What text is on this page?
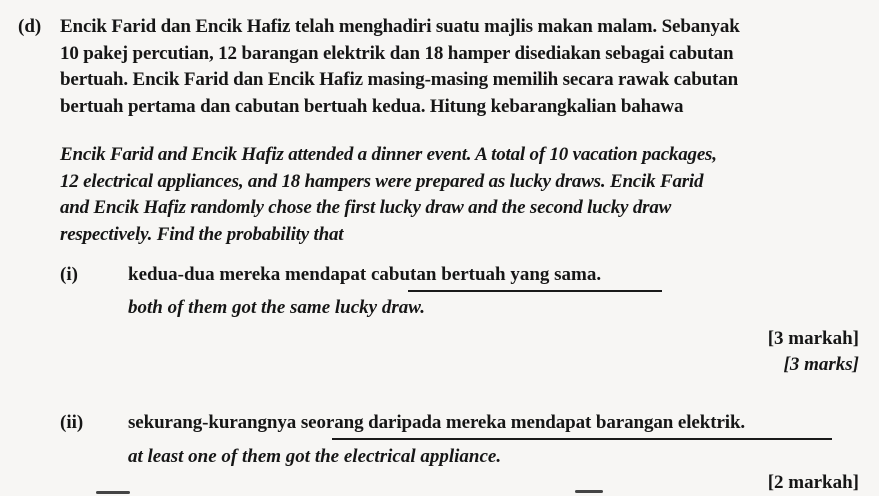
(d) Encik Farid dan Encik Hafiz telah menghadiri suatu majlis makan malam. Sebanyak
10 pakej percutian, 12 barangan elektrik dan 18 hamper disediakan sebagai cabutan
bertuah. Encik Farid dan Encik Hafiz masing-masing memilih secara rawak cabutan
bertuah pertama dan cabutan bertuah kedua. Hitung kebarangkalian bahawa
Encik Farid and Encik Hafiz attended a dinner event. A total of 10 vacation packages,
12 electrical appliances, and 18 hampers were prepared as lucky draws. Encik Farid
and Encik Hafiz randomly chose the first lucky draw and the second lucky draw
respectively. Find the probability that
(i)	kedua-dua mereka mendapat cabutan bertuah yang sama.
both of them got the same lucky draw.
[3 markah]
[3 marks]
(ii) sekurang-kurangnya seorang daripada mereka mendapat barangan elektrik.
at least one of them got the electrical appliance.
[2 markah]
